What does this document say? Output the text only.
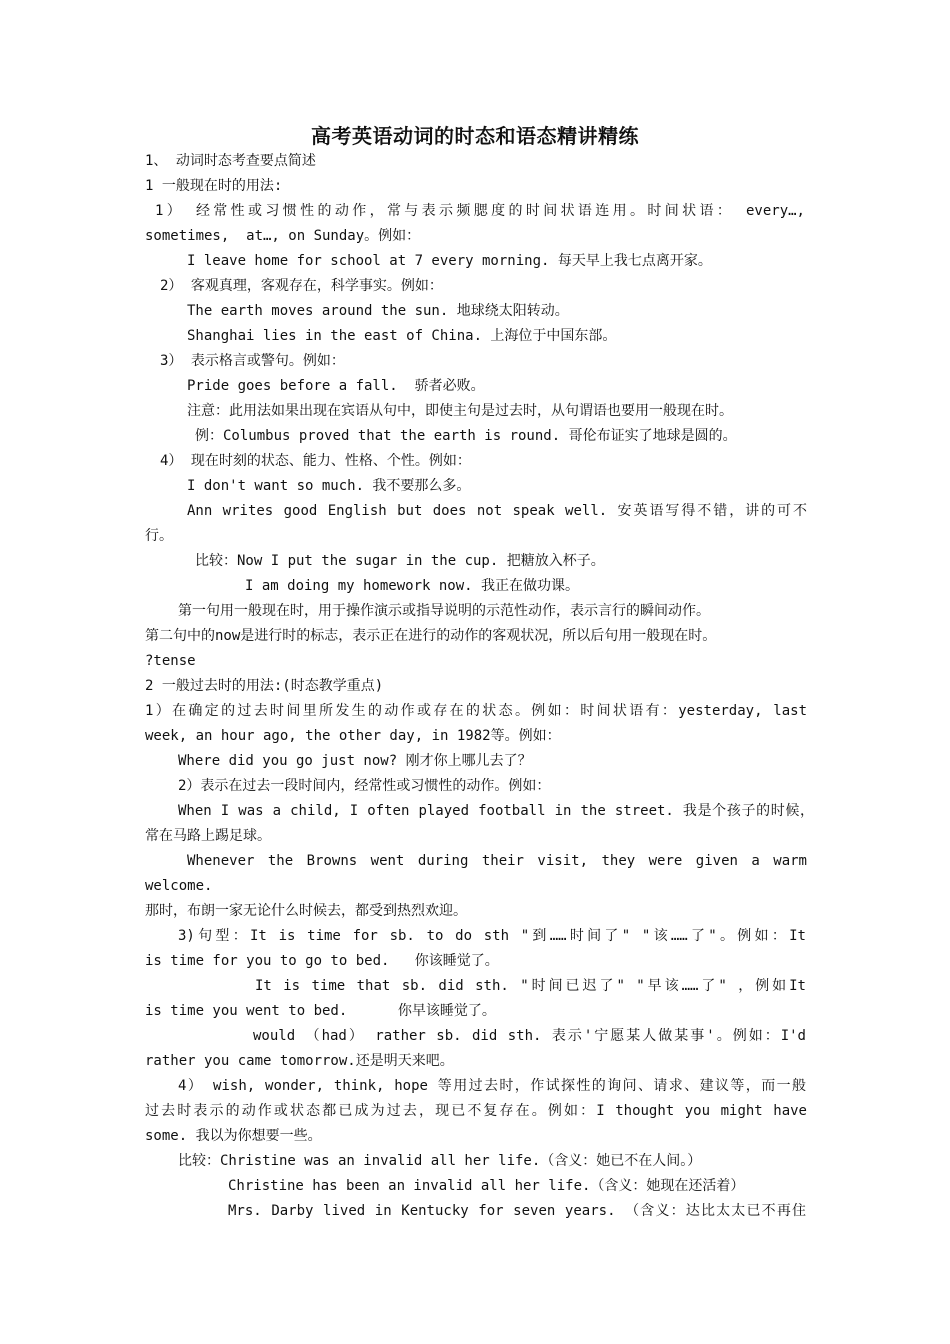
高考英语动词的时态和语态精讲精练
1、 动词时态考查要点简述
1 一般现在时的用法:
1） 经常性或习惯性的动作，常与表示频腮度的时间状语连用。时间状语： every…,
sometimes,  at…, on Sunday。例如：
I leave home for school at 7 every morning. 每天早上我七点离开家。
2） 客观真理，客观存在，科学事实。例如：
The earth moves around the sun. 地球绕太阳转动。
Shanghai lies in the east of China. 上海位于中国东部。
3） 表示格言或警句。例如：
Pride goes before a fall.  骄者必败。
注意：此用法如果出现在宾语从句中，即使主句是过去时，从句谓语也要用一般现在时。
例：Columbus proved that the earth is round. 哥伦布证实了地球是圆的。
4） 现在时刻的状态、能力、性格、个性。例如：
I don't want so much. 我不要那么多。
Ann writes good English but does not speak well. 安英语写得不错，讲的可不
行。
比较：Now I put the sugar in the cup. 把糖放入杯子。
I am doing my homework now. 我正在做功课。
第一句用一般现在时，用于操作演示或指导说明的示范性动作，表示言行的瞬间动作。
第二句中的now是进行时的标志，表示正在进行的动作的客观状况，所以后句用一般现在时。
?tense
2 一般过去时的用法:(时态教学重点)
1）在确定的过去时间里所发生的动作或存在的状态。例如：时间状语有：yesterday, last
week, an hour ago, the other day, in 1982等。例如：
Where did you go just now? 刚才你上哪儿去了？
2）表示在过去一段时间内，经常性或习惯性的动作。例如：
When I was a child, I often played football in the street. 我是个孩子的时候，
常在马路上踢足球。
Whenever the Browns went during their visit, they were given a warm
welcome.
那时，布朗一家无论什么时候去，都受到热烈欢迎。
3)句型：It is time for sb. to do sth "到……时间了" "该……了"。例如：It
is time for you to go to bed.   你该睡觉了。
It is time that sb. did sth. "时间已迟了" "早该……了" ，例如It
is time you went to bed.      你早该睡觉了。
would （had） rather sb. did sth. 表示'宁愿某人做某事'。例如：I'd
rather you came tomorrow.还是明天来吧。
4） wish, wonder, think, hope 等用过去时，作试探性的询问、请求、建议等，而一般
过去时表示的动作或状态都已成为过去，现已不复存在。例如：I thought you might have
some. 我以为你想要一些。
比较：Christine was an invalid all her life.（含义：她已不在人间。）
Christine has been an invalid all her life.（含义：她现在还活着）
Mrs. Darby lived in Kentucky for seven years. （含义：达比太太已不再住
